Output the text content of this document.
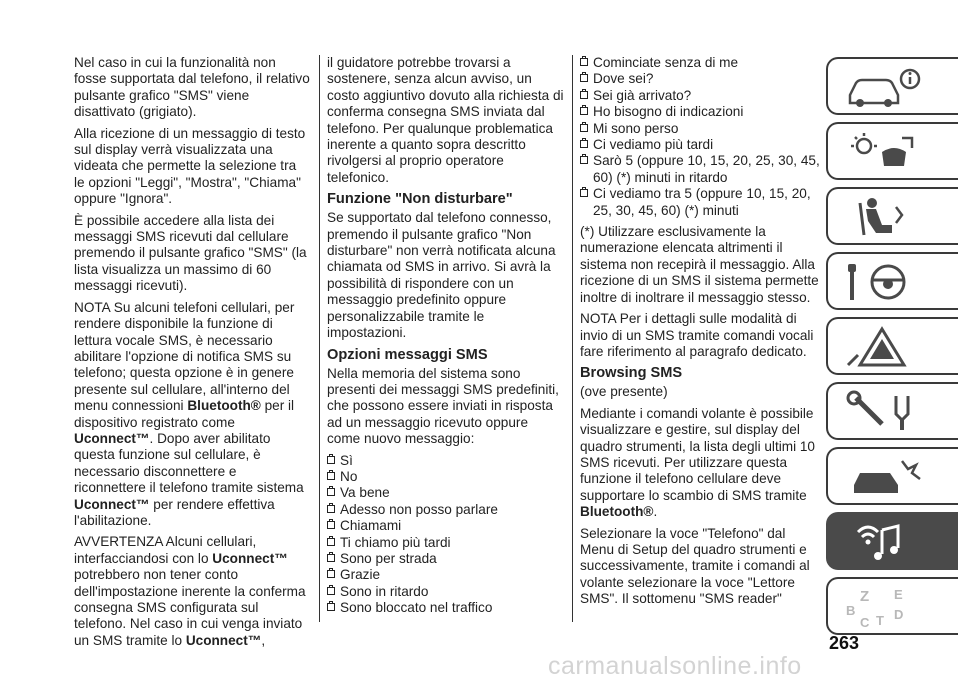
Nel caso in cui la funzionalità non fosse supportata dal telefono, il relativo pulsante grafico "SMS" viene disattivato (grigiato).

Alla ricezione di un messaggio di testo sul display verrà visualizzata una videata che permette la selezione tra le opzioni "Leggi", "Mostra", "Chiama" oppure "Ignora".

È possibile accedere alla lista dei messaggi SMS ricevuti dal cellulare premendo il pulsante grafico "SMS" (la lista visualizza un massimo di 60 messaggi ricevuti).

NOTA Su alcuni telefoni cellulari, per rendere disponibile la funzione di lettura vocale SMS, è necessario abilitare l'opzione di notifica SMS su telefono; questa opzione è in genere presente sul cellulare, all'interno del menu connessioni Bluetooth® per il dispositivo registrato come Uconnect™. Dopo aver abilitato questa funzione sul cellulare, è necessario disconnettere e riconnettere il telefono tramite sistema Uconnect™ per rendere effettiva l'abilitazione.

AVVERTENZA Alcuni cellulari, interfacciandosi con lo Uconnect™ potrebbero non tener conto dell'impostazione inerente la conferma consegna SMS configurata sul telefono. Nel caso in cui venga inviato un SMS tramite lo Uconnect™,

il guidatore potrebbe trovarsi a sostenere, senza alcun avviso, un costo aggiuntivo dovuto alla richiesta di conferma consegna SMS inviata dal telefono. Per qualunque problematica inerente a quanto sopra descritto rivolgersi al proprio operatore telefonico.

Funzione "Non disturbare"

Se supportato dal telefono connesso, premendo il pulsante grafico "Non disturbare" non verrà notificata alcuna chiamata od SMS in arrivo. Si avrà la possibilità di rispondere con un messaggio predefinito oppure personalizzabile tramite le impostazioni.

Opzioni messaggi SMS

Nella memoria del sistema sono presenti dei messaggi SMS predefiniti, che possono essere inviati in risposta ad un messaggio ricevuto oppure come nuovo messaggio:

Sì
No
Va bene
Adesso non posso parlare
Chiamami
Ti chiamo più tardi
Sono per strada
Grazie
Sono in ritardo
Sono bloccato nel traffico
Cominciate senza di me
Dove sei?
Sei già arrivato?
Ho bisogno di indicazioni
Mi sono perso
Ci vediamo più tardi
Sarò 5 (oppure 10, 15, 20, 25, 30, 45, 60) (*) minuti in ritardo
Ci vediamo tra 5 (oppure 10, 15, 20, 25, 30, 45, 60) (*) minuti

(*) Utilizzare esclusivamente la numerazione elencata altrimenti il sistema non recepirà il messaggio. Alla ricezione di un SMS il sistema permette inoltre di inoltrare il messaggio stesso.

NOTA Per i dettagli sulle modalità di invio di un SMS tramite comandi vocali fare riferimento al paragrafo dedicato.

Browsing SMS

(ove presente)

Mediante i comandi volante è possibile visualizzare e gestire, sul display del quadro strumenti, la lista degli ultimi 10 SMS ricevuti. Per utilizzare questa funzione il telefono cellulare deve supportare lo scambio di SMS tramite Bluetooth®.

Selezionare la voce "Telefono" dal Menu di Setup del quadro strumenti e successivamente, tramite i comandi al volante selezionare la voce "Lettore SMS". Il sottomenu "SMS reader"	Z E
B
C T D
263
carmanualsonline.info
